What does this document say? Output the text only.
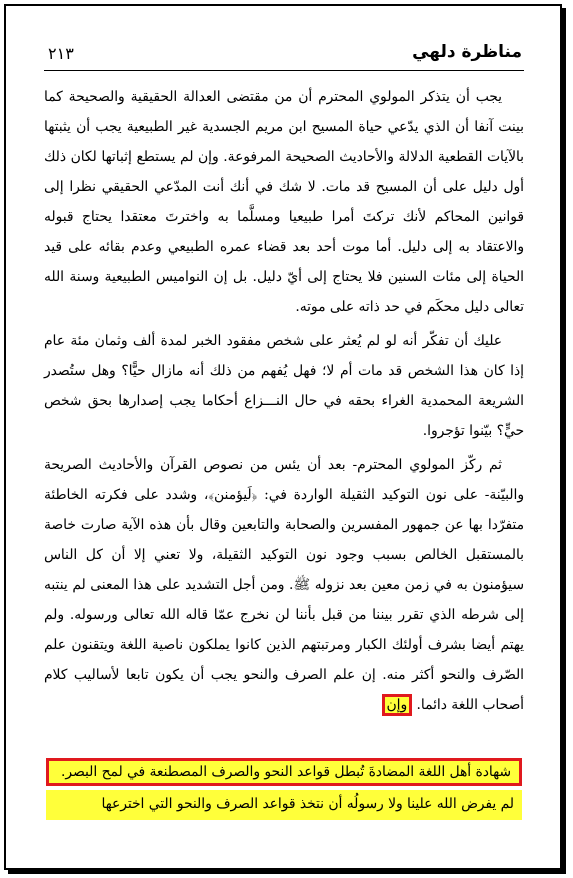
٢١٣	مناظرة دلهي

يجب أن يتذكر المولوي المحترم أن من مقتضى العدالة الحقيقية والصحيحة كما بينت آنفا أن الذي يدّعي حياة المسيح ابن مريم الجسدية غير الطبيعية يجب أن يثبتها بالآيات القطعية الدلالة والأحاديث الصحيحة المرفوعة. وإن لم يستطع إثباتها لكان ذلك أول دليل على أن المسيح قد مات. لا شك في أنك أنت المدّعي الحقيقي نظرا إلى قوانين المحاكم لأنك تركتَ أمرا طبيعيا ومسلَّما به واخترتَ معتقدا يحتاج قبوله والاعتقاد به إلى دليل. أما موت أحد بعد قضاء عمره الطبيعي وعدم بقائه على قيد الحياة إلى مئات السنين فلا يحتاج إلى أيّ دليل. بل إن النواميس الطبيعية وسنة الله تعالى دليل محكَم في حد ذاته على موته.

عليك أن تفكّر أنه لو لم يُعثر على شخص مفقود الخبر لمدة ألف وثمان مئة عام إذا كان هذا الشخص قد مات أم لا؛ فهل يُفهم من ذلك أنه مازال حيًّا؟ وهل ستُصدر الشريعة المحمدية الغراء بحقه في حال النـــزاع أحكاما يجب إصدارها بحق شخص حيٍّ؟ بيّنوا تؤجروا.

ثم ركّز المولوي المحترم- بعد أن يئس من نصوص القرآن والأحاديث الصريحة والبيّنة- على نون التوكيد الثقيلة الواردة في: ﴿لَيؤمنن﴾، وشدد على فكرته الخاطئة متفرّدا بها عن جمهور المفسرين والصحابة والتابعين وقال بأن هذه الآية صارت خاصة بالمستقبل الخالص بسبب وجود نون التوكيد الثقيلة، ولا تعني إلا أن كل الناس سيؤمنون به في زمن معين بعد نزوله ﷺ. ومن أجل التشديد على هذا المعنى لم ينتبه إلى شرطه الذي تقرر بيننا من قبل بأننا لن نخرج عمّا قاله الله تعالى ورسوله. ولم يهتم أيضا بشرف أولئك الكبار ومرتبتهم الذين كانوا يملكون ناصية اللغة ويتقنون علم الصّرف والنحو أكثر منه. إن علم الصرف والنحو يجب أن يكون تابعا لأساليب كلام أصحاب اللغة دائما. وإن

شهادة أهل اللغة المضادةَ تُبطل قواعد النحو والصرف المصطنعة في لمح البصر.
لم يفرض الله علينا ولا رسولُه أن نتخذ قواعد الصرف والنحو التي اخترعها
